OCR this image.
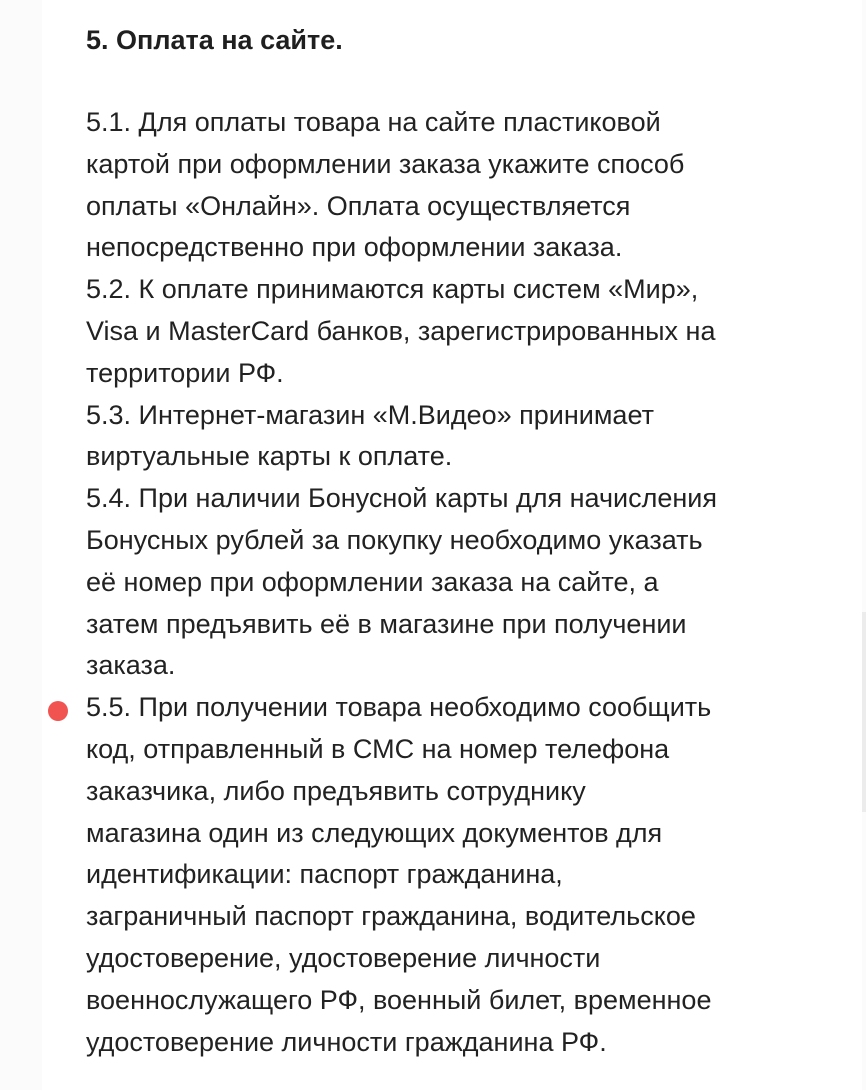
5. Оплата на сайте.
5.1. Для оплаты товара на сайте пластиковой
картой при оформлении заказа укажите способ
оплаты «Онлайн». Оплата осуществляется
непосредственно при оформлении заказа.
5.2. К оплате принимаются карты систем «Мир»,
Visa и MasterCard банков, зарегистрированных на
территории РФ.
5.3. Интернет-магазин «М.Видео» принимает
виртуальные карты к оплате.
5.4. При наличии Бонусной карты для начисления
Бонусных рублей за покупку необходимо указать
её номер при оформлении заказа на сайте, а
затем предъявить её в магазине при получении
заказа.
5.5. При получении товара необходимо сообщить
код, отправленный в СМС на номер телефона
заказчика, либо предъявить сотруднику
магазина один из следующих документов для
идентификации: паспорт гражданина,
заграничный паспорт гражданина, водительское
удостоверение, удостоверение личности
военнослужащего РФ, военный билет, временное
удостоверение личности гражданина РФ.
